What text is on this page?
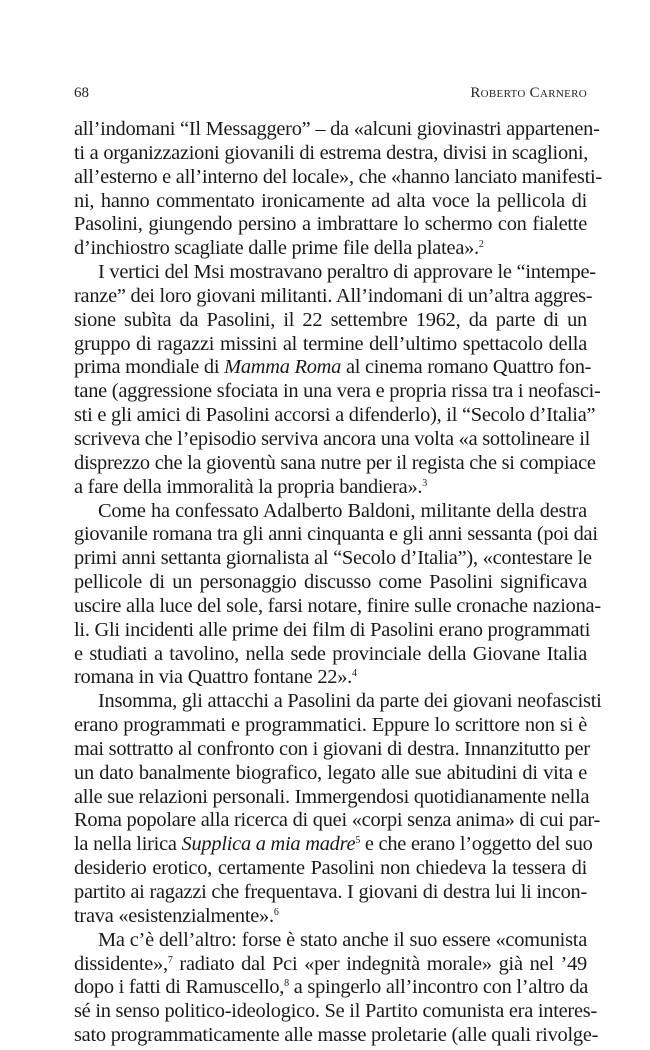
68	Roberto Carnero
all’indomani “Il Messaggero” – da «alcuni giovinastri appartenen-
ti a organizzazioni giovanili di estrema destra, divisi in scaglioni,
all’esterno e all’interno del locale», che «hanno lanciato manifesti-
ni, hanno commentato ironicamente ad alta voce la pellicola di
Pasolini, giungendo persino a imbrattare lo schermo con fialette
d’inchiostro scagliate dalle prime file della platea».$^2$
I vertici del Msi mostravano peraltro di approvare le “intempe-
ranze” dei loro giovani militanti. All’indomani di un’altra aggres-
sione subìta da Pasolini, il 22 settembre 1962, da parte di un
gruppo di ragazzi missini al termine dell’ultimo spettacolo della
prima mondiale di Mamma Roma al cinema romano Quattro fon-
tane (aggressione sfociata in una vera e propria rissa tra i neofasci-
sti e gli amici di Pasolini accorsi a difenderlo), il “Secolo d’Italia”
scriveva che l’episodio serviva ancora una volta «a sottolineare il
disprezzo che la gioventù sana nutre per il regista che si compiace
a fare della immoralità la propria bandiera».$^3$
Come ha confessato Adalberto Baldoni, militante della destra
giovanile romana tra gli anni cinquanta e gli anni sessanta (poi dai
primi anni settanta giornalista al “Secolo d’Italia”), «contestare le
pellicole di un personaggio discusso come Pasolini significava
uscire alla luce del sole, farsi notare, finire sulle cronache naziona-
li. Gli incidenti alle prime dei film di Pasolini erano programmati
e studiati a tavolino, nella sede provinciale della Giovane Italia
romana in via Quattro fontane 22».$^4$
Insomma, gli attacchi a Pasolini da parte dei giovani neofascisti
erano programmati e programmatici. Eppure lo scrittore non si è
mai sottratto al confronto con i giovani di destra. Innanzitutto per
un dato banalmente biografico, legato alle sue abitudini di vita e
alle sue relazioni personali. Immergendosi quotidianamente nella
Roma popolare alla ricerca di quei «corpi senza anima» di cui par-
la nella lirica Supplica a mia madre$^5$ e che erano l’oggetto del suo
desiderio erotico, certamente Pasolini non chiedeva la tessera di
partito ai ragazzi che frequentava. I giovani di destra lui li incon-
trava «esistenzialmente».$^6$
Ma c’è dell’altro: forse è stato anche il suo essere «comunista
dissidente»,$^7$ radiato dal Pci «per indegnità morale» già nel ’49
dopo i fatti di Ramuscello,$^8$ a spingerlo all’incontro con l’altro da
sé in senso politico-ideologico. Se il Partito comunista era interes-
sato programmaticamente alle masse proletarie (alle quali rivolge-
